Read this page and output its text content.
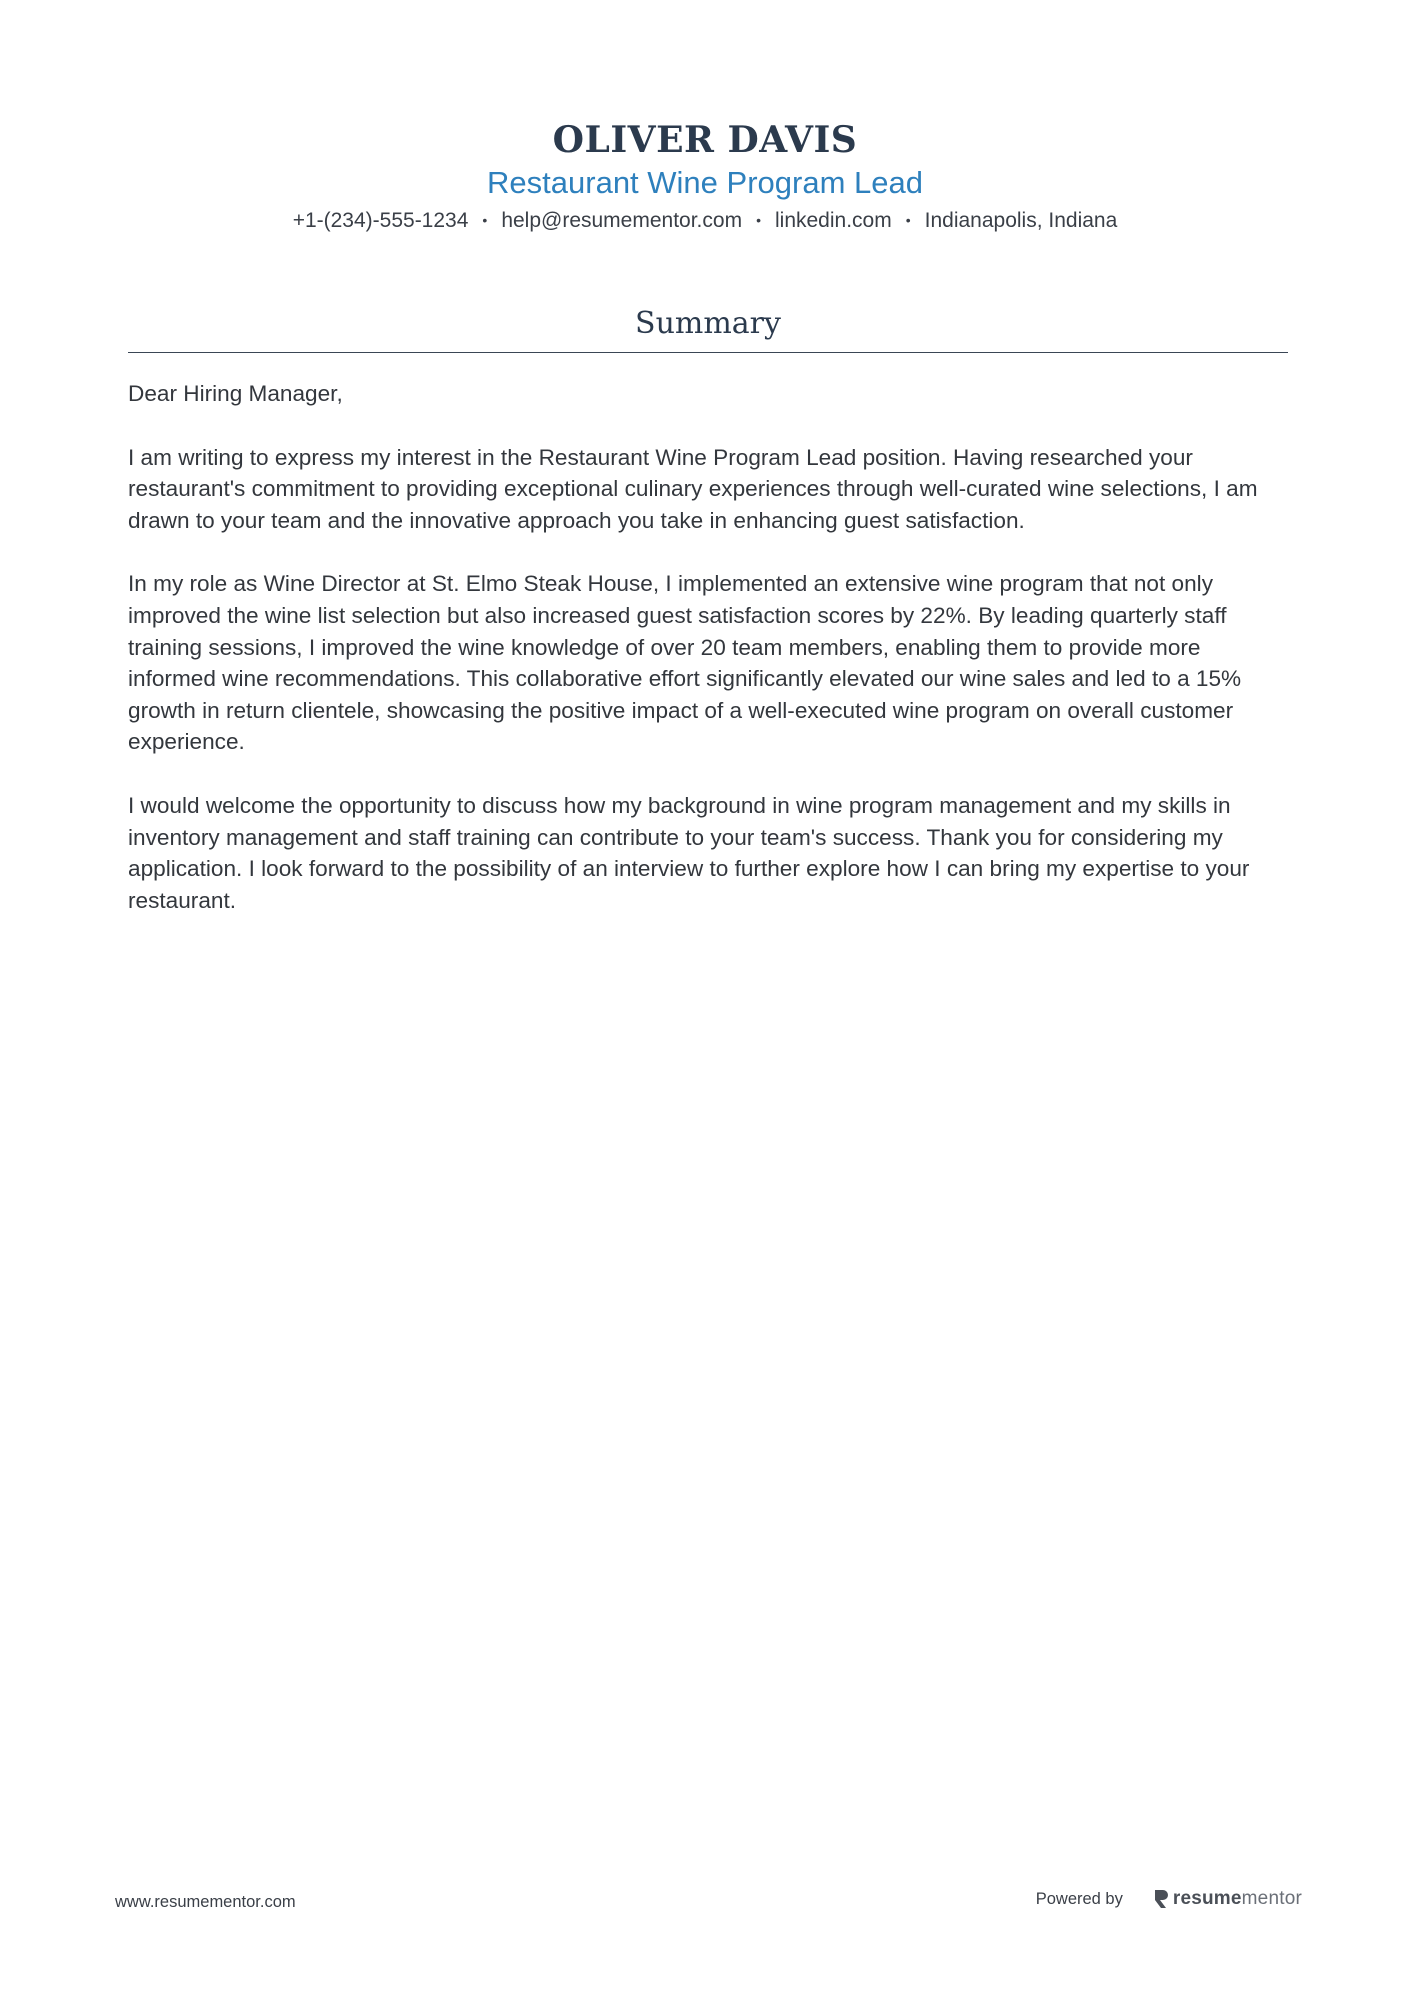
OLIVER DAVIS
Restaurant Wine Program Lead
+1-(234)-555-1234 • help@resumementor.com • linkedin.com • Indianapolis, Indiana
Summary

Dear Hiring Manager,

I am writing to express my interest in the Restaurant Wine Program Lead position. Having researched your restaurant's commitment to providing exceptional culinary experiences through well-curated wine selections, I am drawn to your team and the innovative approach you take in enhancing guest satisfaction.

In my role as Wine Director at St. Elmo Steak House, I implemented an extensive wine program that not only improved the wine list selection but also increased guest satisfaction scores by 22%. By leading quarterly staff training sessions, I improved the wine knowledge of over 20 team members, enabling them to provide more informed wine recommendations. This collaborative effort significantly elevated our wine sales and led to a 15% growth in return clientele, showcasing the positive impact of a well-executed wine program on overall customer experience.

I would welcome the opportunity to discuss how my background in wine program management and my skills in inventory management and staff training can contribute to your team's success. Thank you for considering my application. I look forward to the possibility of an interview to further explore how I can bring my expertise to your restaurant.

www.resumementor.com	Powered by	resumementor
